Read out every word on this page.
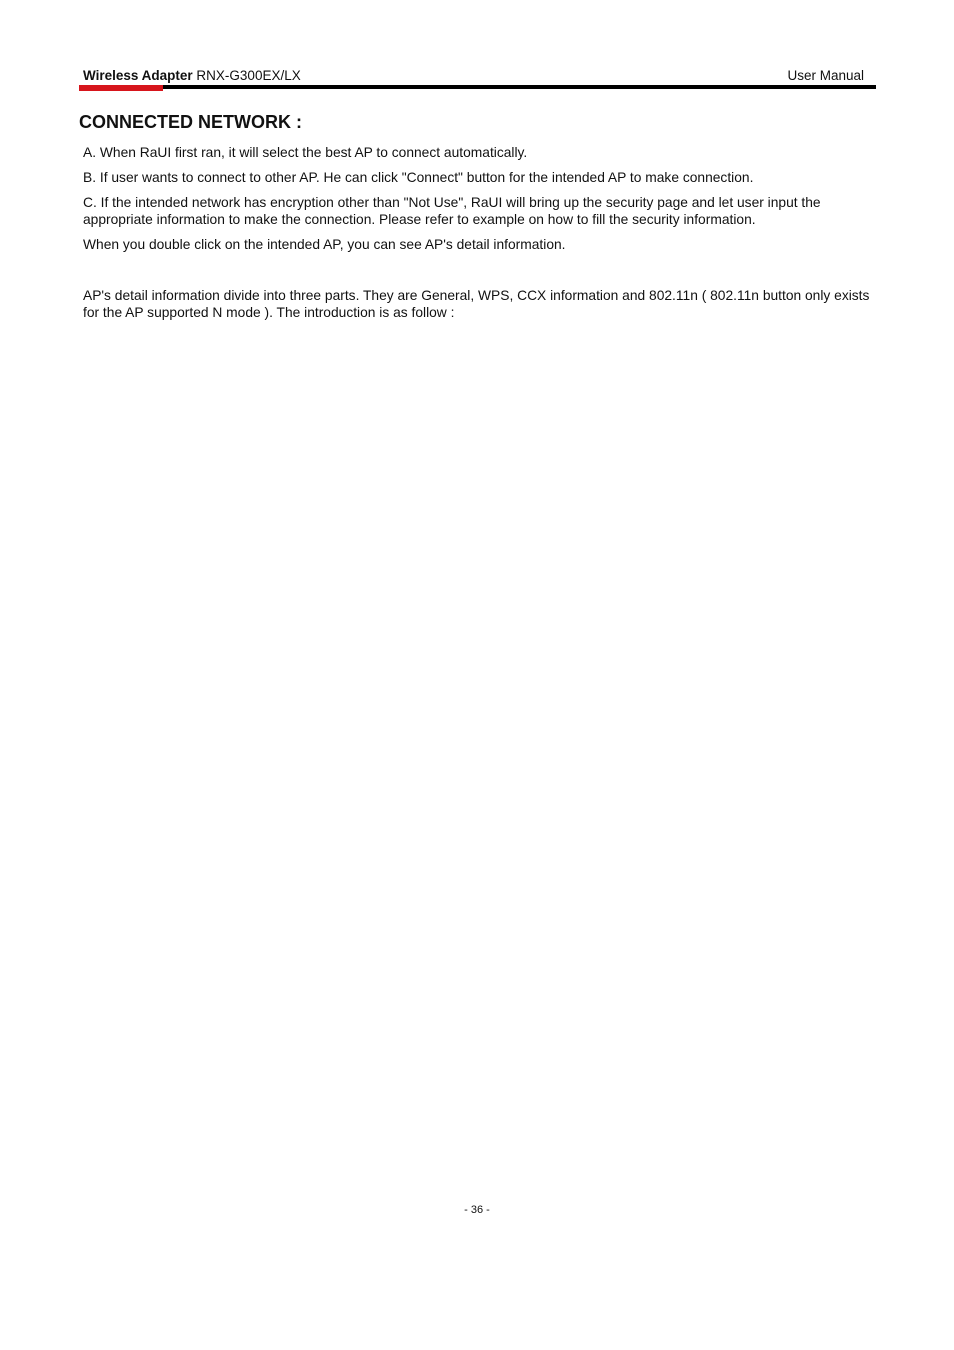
Wireless Adapter RNX-G300EX/LX	User Manual
CONNECTED NETWORK :

A. When RaUI first ran, it will select the best AP to connect automatically.

B. If user wants to connect to other AP. He can click "Connect" button for the intended AP to make connection.

C. If the intended network has encryption other than "Not Use", RaUI will bring up the security page and let user input the appropriate information to make the connection. Please refer to example on how to fill the security information.

When you double click on the intended AP, you can see AP's detail information.

AP's detail information divide into three parts. They are General, WPS, CCX information and 802.11n ( 802.11n button only exists for the AP supported N mode ). The introduction is as follow :

- 36 -
